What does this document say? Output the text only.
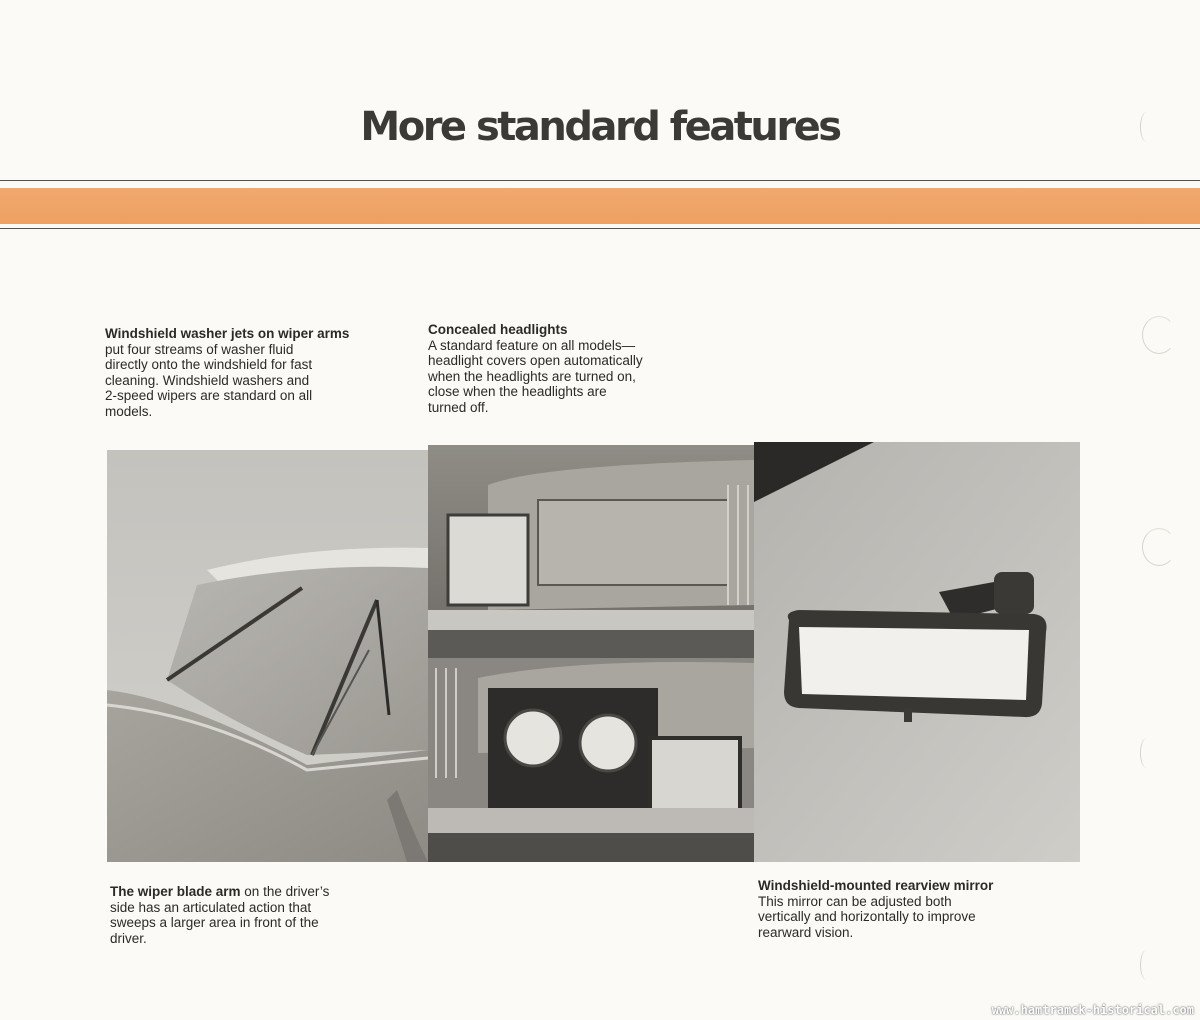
More standard features
Windshield washer jets on wiper arms
put four streams of washer fluid
directly onto the windshield for fast
cleaning. Windshield washers and
2-speed wipers are standard on all
models.
Concealed headlights
A standard feature on all models—
headlight covers open automatically
when the headlights are turned on,
close when the headlights are
turned off.
The wiper blade arm on the driver’s
side has an articulated action that
sweeps a larger area in front of the
driver.
Windshield-mounted rearview mirror
This mirror can be adjusted both
vertically and horizontally to improve
rearward vision.
www.hamtramck-historical.com
